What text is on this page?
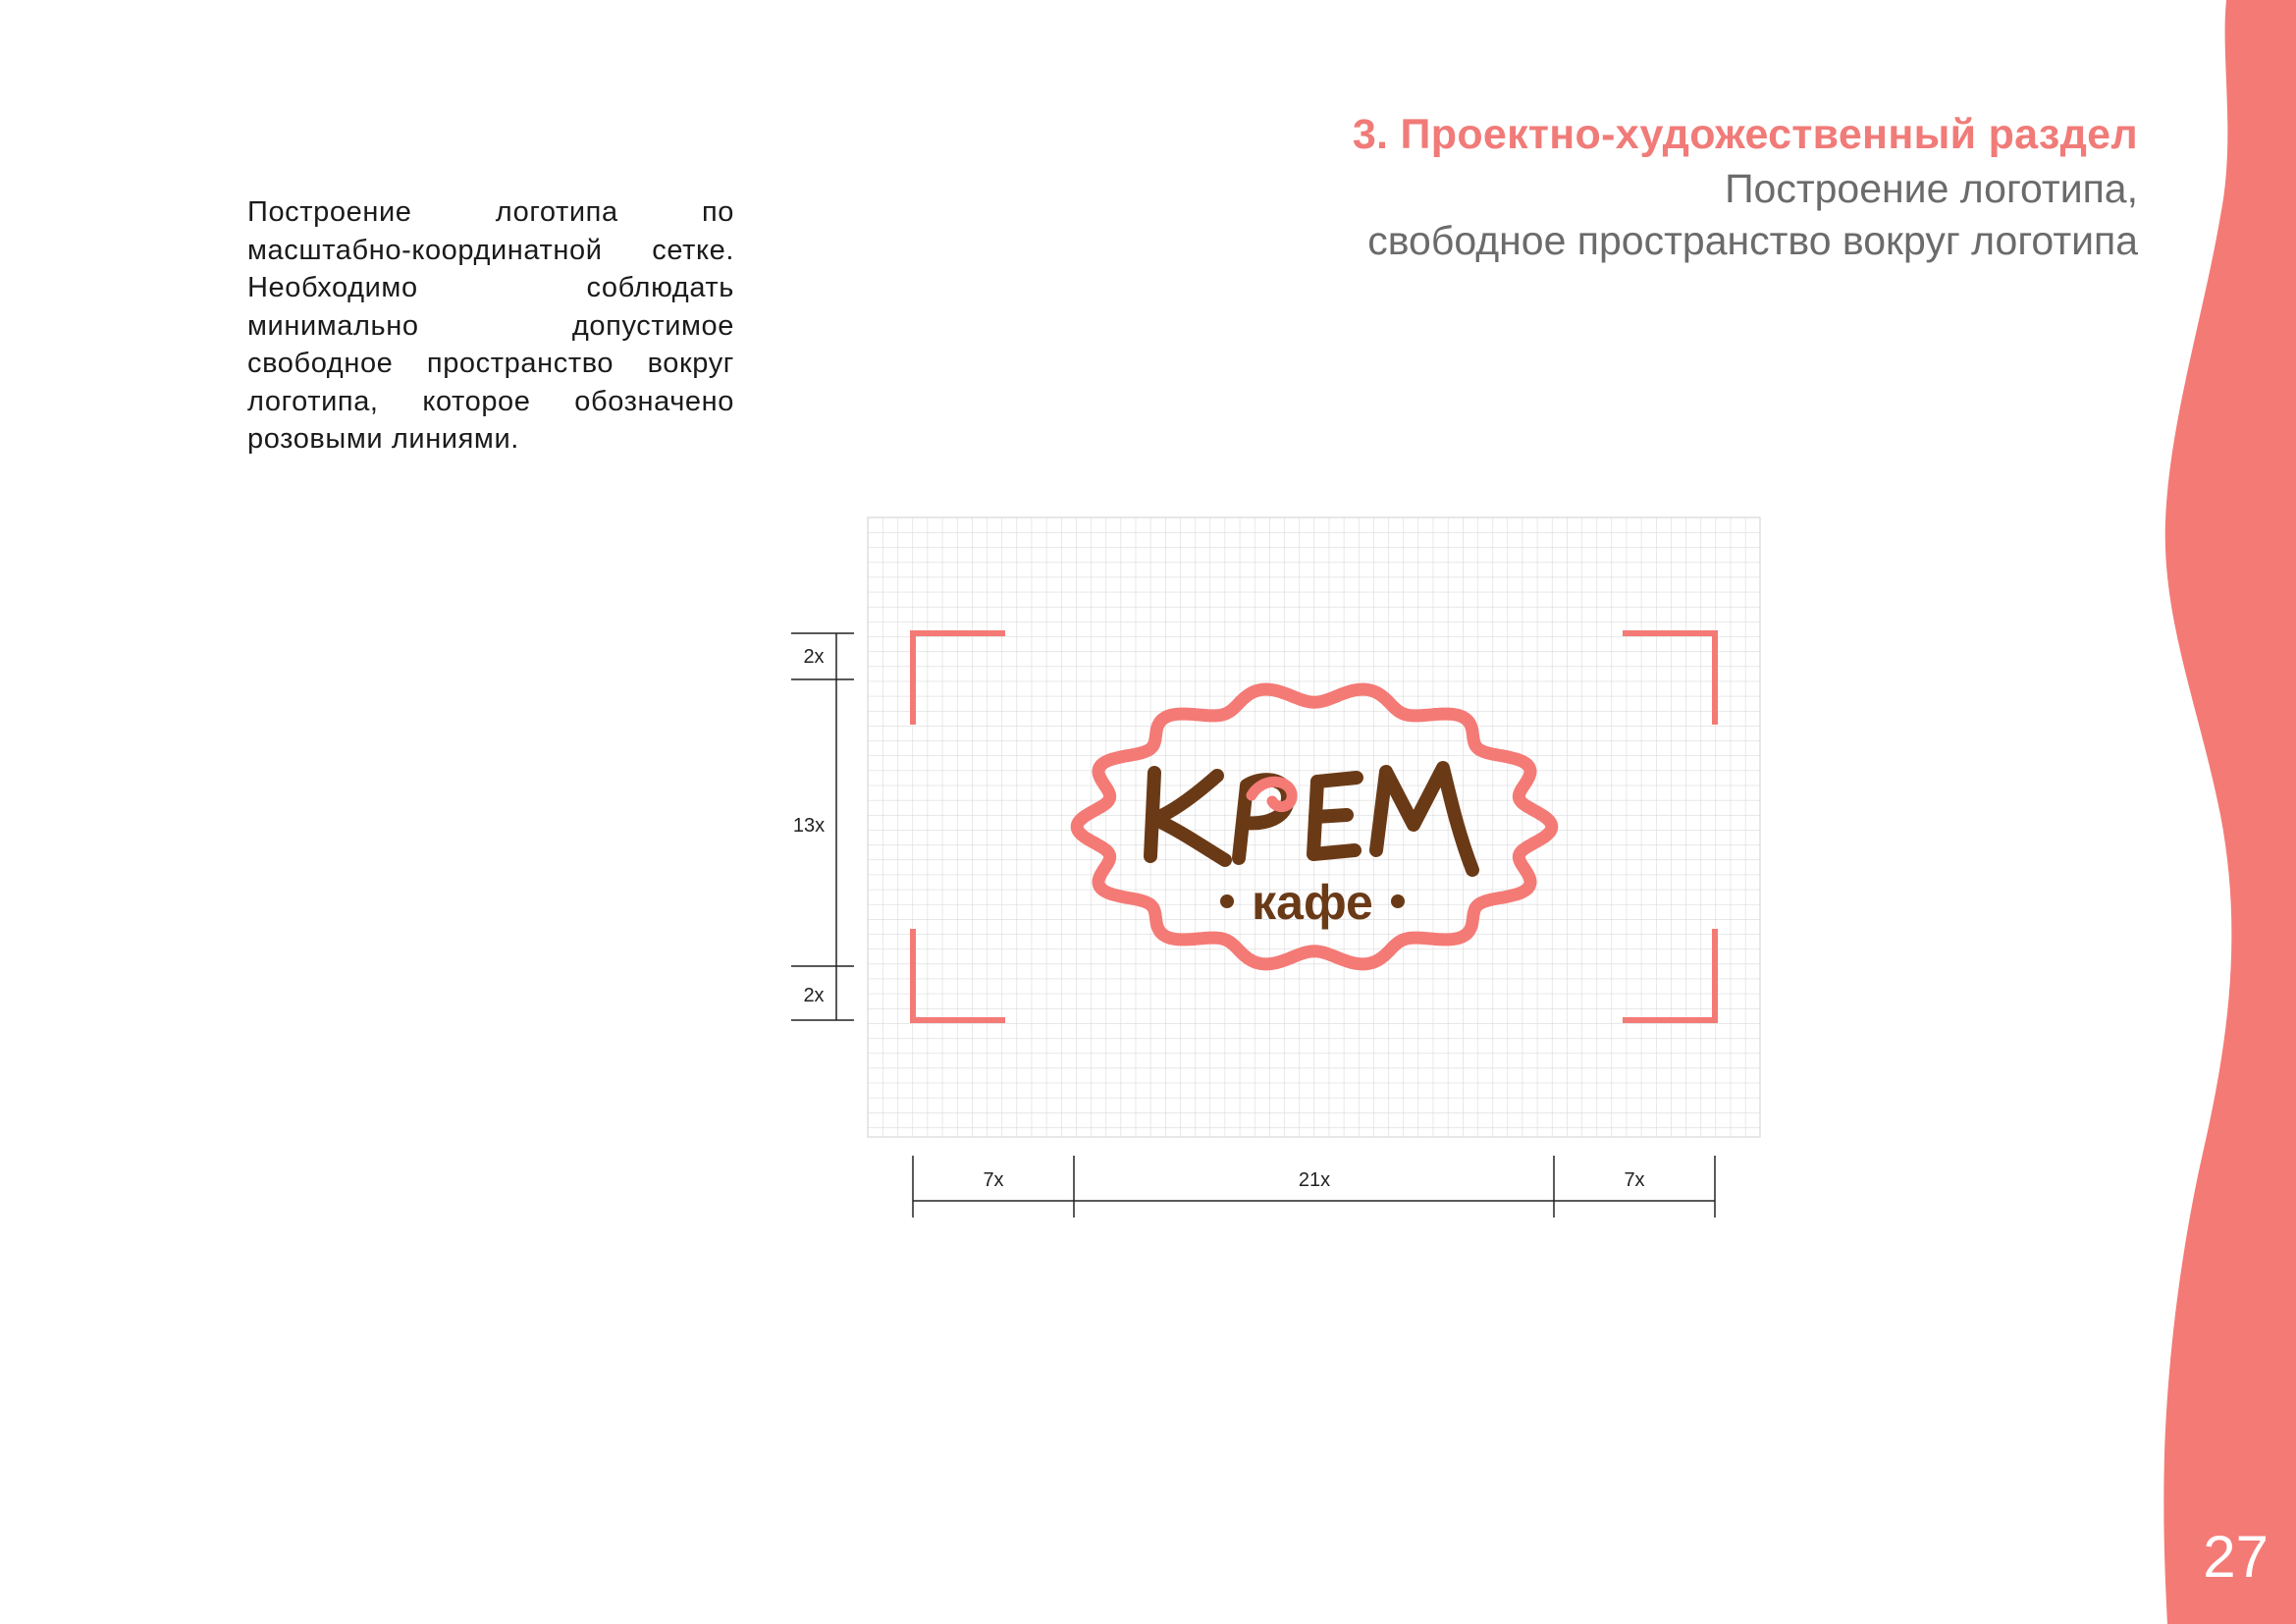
3. Проектно-художественный раздел
Построение логотипа,
свободное пространство вокруг логотипа
Построение логотипа по масштабно-координатной сетке. Необходимо соблюдать минимально допустимое свободное пространство вокруг логотипа, которое обозначено розовыми линиями.
кафе
2x
13x
2x
7x	21x	7x
27
